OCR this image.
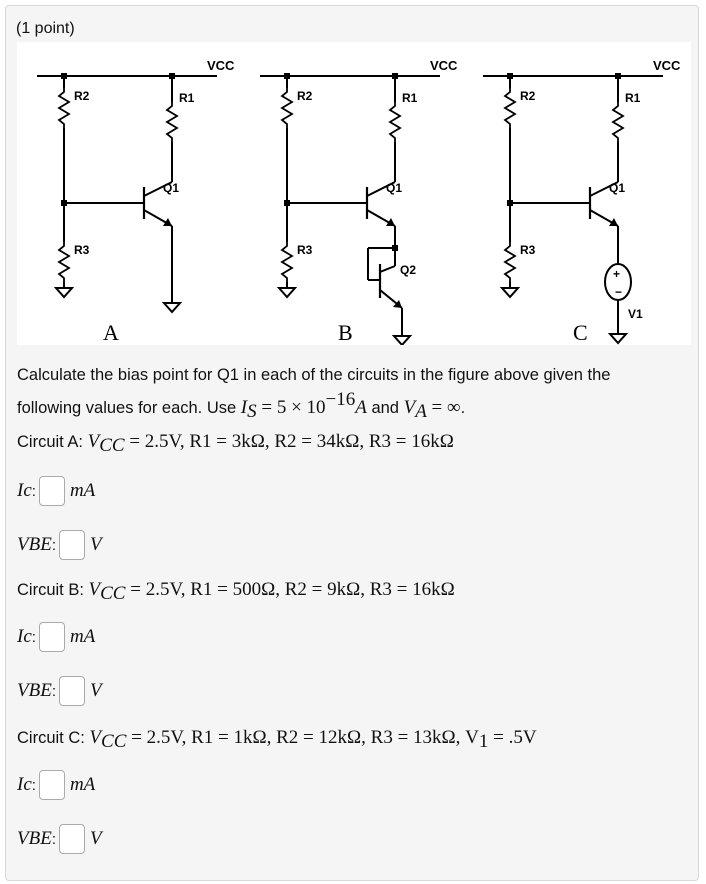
(1 point)
VCC
R2
R3
R1
Q1
A
VCC
R2
R3
R1
Q1
Q2
B
VCC
R2
R3
R1
Q1
+
−
V1
C
Calculate the bias point for Q1 in each of the circuits in the figure above given the
following values for each. Use $I_S = 5 \times 10^{-16}A$ and $V_A$ = ∞.
Circuit A: $V_{CC} = 2.5V$, R1 = 3kΩ, R2 = 34kΩ, R3 = 16kΩ
I c : mA
V BE : V
Circuit B: $V_{CC} = 2.5V$, R1 = 500Ω, R2 = 9kΩ, R3 = 16kΩ
I c : mA
V BE : V
Circuit C: $V_{CC} = 2.5V$, R1 = 1kΩ, R2 = 12kΩ, R3 = 13kΩ, $V_1 = .5V$
I c : mA
V BE : V
